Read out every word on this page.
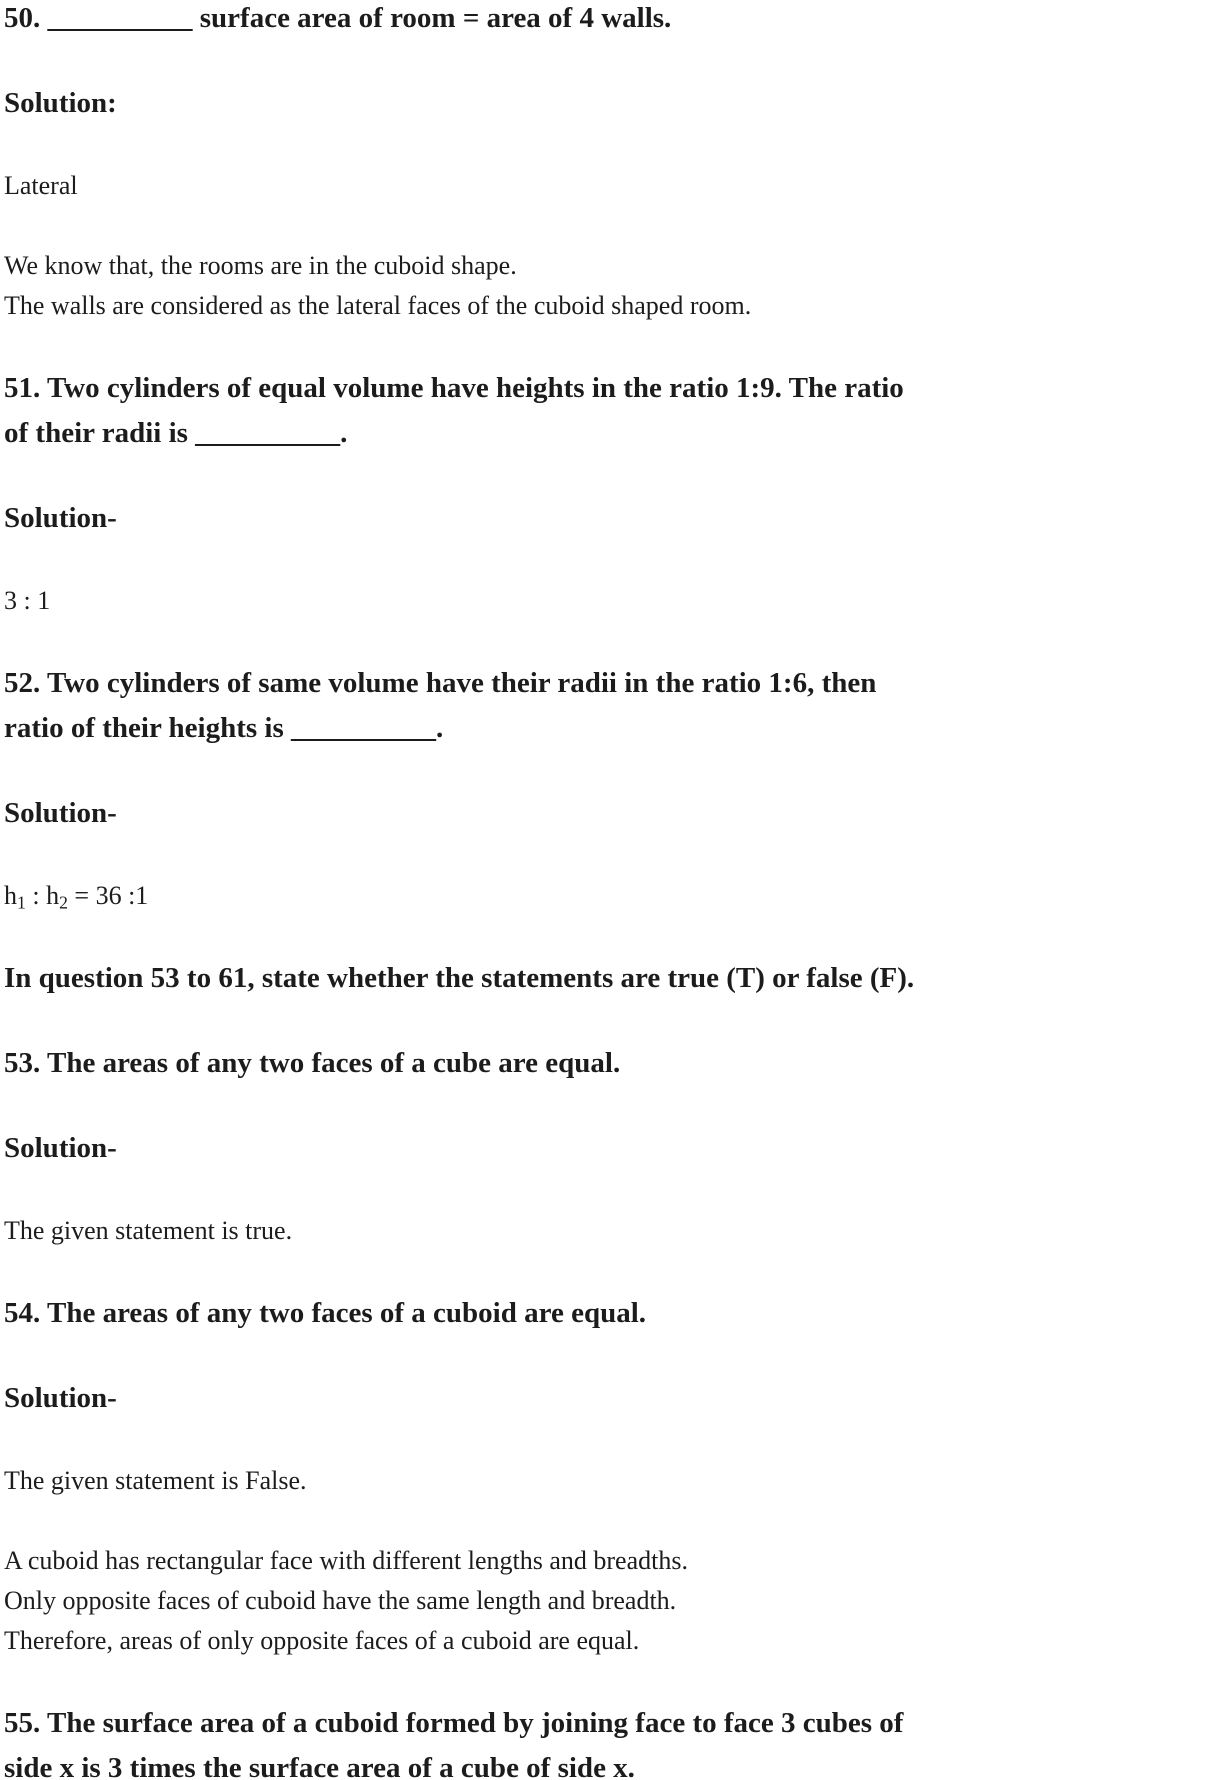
50. __________ surface area of room = area of 4 walls.

Solution:

Lateral

We know that, the rooms are in the cuboid shape.
The walls are considered as the lateral faces of the cuboid shaped room.

51. Two cylinders of equal volume have heights in the ratio 1:9. The ratio
of their radii is __________.

Solution-

3 : 1

52. Two cylinders of same volume have their radii in the ratio 1:6, then
ratio of their heights is __________.

Solution-

$h_1$ : $h_2 = 36$ :1

In question 53 to 61, state whether the statements are true (T) or false (F).

53. The areas of any two faces of a cube are equal.

Solution-

The given statement is true.

54. The areas of any two faces of a cuboid are equal.

Solution-

The given statement is False.

A cuboid has rectangular face with different lengths and breadths.
Only opposite faces of cuboid have the same length and breadth.
Therefore, areas of only opposite faces of a cuboid are equal.

55. The surface area of a cuboid formed by joining face to face 3 cubes of
side x is 3 times the surface area of a cube of side x.
